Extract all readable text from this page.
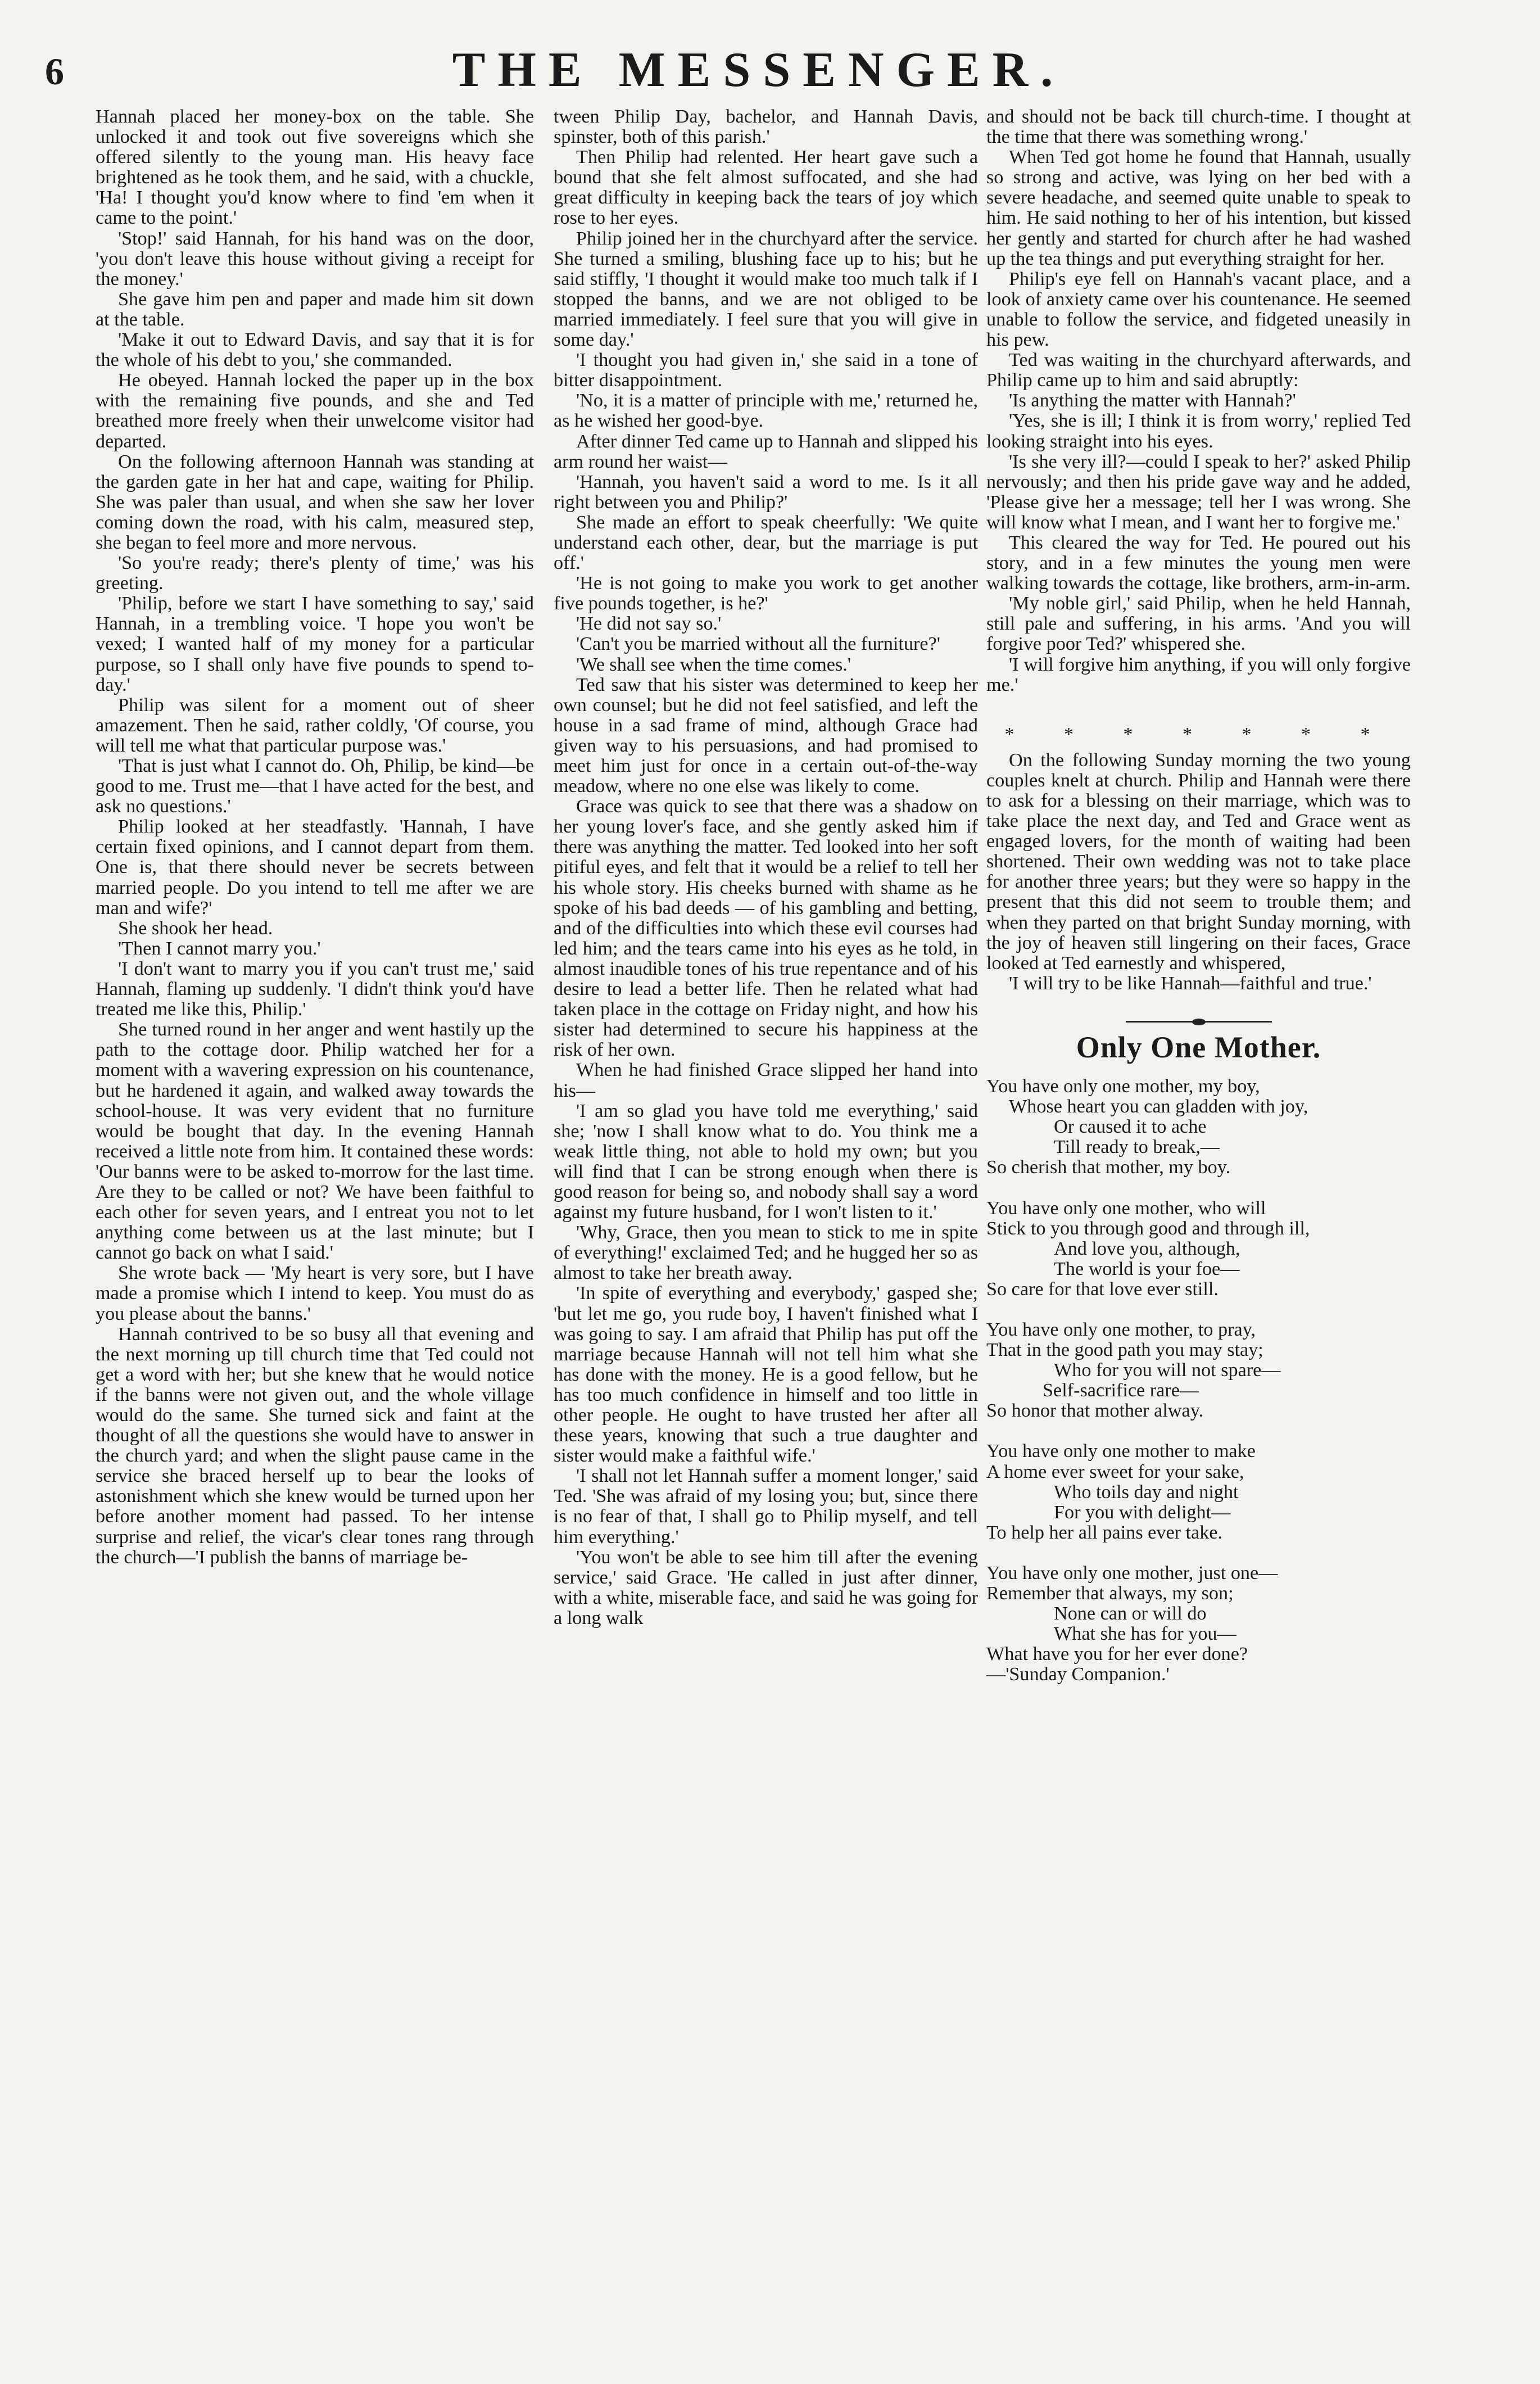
6	THE MESSENGER.

Hannah placed her money-box on the table. She unlocked it and took out five sovereigns which she offered silently to the young man. His heavy face brightened as he took them, and he said, with a chuckle, 'Ha! I thought you'd know where to find 'em when it came to the point.'

'Stop!' said Hannah, for his hand was on the door, 'you don't leave this house without giving a receipt for the money.'

She gave him pen and paper and made him sit down at the table.

'Make it out to Edward Davis, and say that it is for the whole of his debt to you,' she commanded.

He obeyed. Hannah locked the paper up in the box with the remaining five pounds, and she and Ted breathed more freely when their unwelcome visitor had departed.

On the following afternoon Hannah was standing at the garden gate in her hat and cape, waiting for Philip. She was paler than usual, and when she saw her lover coming down the road, with his calm, measured step, she began to feel more and more nervous.

'So you're ready; there's plenty of time,' was his greeting.

'Philip, before we start I have something to say,' said Hannah, in a trembling voice. 'I hope you won't be vexed; I wanted half of my money for a particular purpose, so I shall only have five pounds to spend to-day.'

Philip was silent for a moment out of sheer amazement. Then he said, rather coldly, 'Of course, you will tell me what that particular purpose was.'

'That is just what I cannot do. Oh, Philip, be kind—be good to me. Trust me—that I have acted for the best, and ask no questions.'

Philip looked at her steadfastly. 'Hannah, I have certain fixed opinions, and I cannot depart from them. One is, that there should never be secrets between married people. Do you intend to tell me after we are man and wife?'

She shook her head.

'Then I cannot marry you.'

'I don't want to marry you if you can't trust me,' said Hannah, flaming up suddenly. 'I didn't think you'd have treated me like this, Philip.'

She turned round in her anger and went hastily up the path to the cottage door. Philip watched her for a moment with a wavering expression on his countenance, but he hardened it again, and walked away towards the school-house. It was very evident that no furniture would be bought that day. In the evening Hannah received a little note from him. It contained these words: 'Our banns were to be asked to-morrow for the last time. Are they to be called or not? We have been faithful to each other for seven years, and I entreat you not to let anything come between us at the last minute; but I cannot go back on what I said.'

She wrote back — 'My heart is very sore, but I have made a promise which I intend to keep. You must do as you please about the banns.'

Hannah contrived to be so busy all that evening and the next morning up till church time that Ted could not get a word with her; but she knew that he would notice if the banns were not given out, and the whole village would do the same. She turned sick and faint at the thought of all the questions she would have to answer in the church yard; and when the slight pause came in the service she braced herself up to bear the looks of astonishment which she knew would be turned upon her before another moment had passed. To her intense surprise and relief, the vicar's clear tones rang through the church—'I publish the banns of marriage be-

tween Philip Day, bachelor, and Hannah Davis, spinster, both of this parish.'

Then Philip had relented. Her heart gave such a bound that she felt almost suffocated, and she had great difficulty in keeping back the tears of joy which rose to her eyes.

Philip joined her in the churchyard after the service. She turned a smiling, blushing face up to his; but he said stiffly, 'I thought it would make too much talk if I stopped the banns, and we are not obliged to be married immediately. I feel sure that you will give in some day.'

'I thought you had given in,' she said in a tone of bitter disappointment.

'No, it is a matter of principle with me,' returned he, as he wished her good-bye.

After dinner Ted came up to Hannah and slipped his arm round her waist—

'Hannah, you haven't said a word to me. Is it all right between you and Philip?'

She made an effort to speak cheerfully: 'We quite understand each other, dear, but the marriage is put off.'

'He is not going to make you work to get another five pounds together, is he?'

'He did not say so.'

'Can't you be married without all the furniture?'

'We shall see when the time comes.'

Ted saw that his sister was determined to keep her own counsel; but he did not feel satisfied, and left the house in a sad frame of mind, although Grace had given way to his persuasions, and had promised to meet him just for once in a certain out-of-the-way meadow, where no one else was likely to come.

Grace was quick to see that there was a shadow on her young lover's face, and she gently asked him if there was anything the matter. Ted looked into her soft pitiful eyes, and felt that it would be a relief to tell her his whole story. His cheeks burned with shame as he spoke of his bad deeds — of his gambling and betting, and of the difficulties into which these evil courses had led him; and the tears came into his eyes as he told, in almost inaudible tones of his true repentance and of his desire to lead a better life. Then he related what had taken place in the cottage on Friday night, and how his sister had determined to secure his happiness at the risk of her own.

When he had finished Grace slipped her hand into his—

'I am so glad you have told me everything,' said she; 'now I shall know what to do. You think me a weak little thing, not able to hold my own; but you will find that I can be strong enough when there is good reason for being so, and nobody shall say a word against my future husband, for I won't listen to it.'

'Why, Grace, then you mean to stick to me in spite of everything!' exclaimed Ted; and he hugged her so as almost to take her breath away.

'In spite of everything and everybody,' gasped she; 'but let me go, you rude boy, I haven't finished what I was going to say. I am afraid that Philip has put off the marriage because Hannah will not tell him what she has done with the money. He is a good fellow, but he has too much confidence in himself and too little in other people. He ought to have trusted her after all these years, knowing that such a true daughter and sister would make a faithful wife.'

'I shall not let Hannah suffer a moment longer,' said Ted. 'She was afraid of my losing you; but, since there is no fear of that, I shall go to Philip myself, and tell him everything.'

'You won't be able to see him till after the evening service,' said Grace. 'He called in just after dinner, with a white, miserable face, and said he was going for a long walk

and should not be back till church-time. I thought at the time that there was something wrong.'

When Ted got home he found that Hannah, usually so strong and active, was lying on her bed with a severe headache, and seemed quite unable to speak to him. He said nothing to her of his intention, but kissed her gently and started for church after he had washed up the tea things and put everything straight for her.

Philip's eye fell on Hannah's vacant place, and a look of anxiety came over his countenance. He seemed unable to follow the service, and fidgeted uneasily in his pew.

Ted was waiting in the churchyard afterwards, and Philip came up to him and said abruptly:

'Is anything the matter with Hannah?'

'Yes, she is ill; I think it is from worry,' replied Ted looking straight into his eyes.

'Is she very ill?—could I speak to her?' asked Philip nervously; and then his pride gave way and he added, 'Please give her a message; tell her I was wrong. She will know what I mean, and I want her to forgive me.'

This cleared the way for Ted. He poured out his story, and in a few minutes the young men were walking towards the cottage, like brothers, arm-in-arm.

'My noble girl,' said Philip, when he held Hannah, still pale and suffering, in his arms. 'And you will forgive poor Ted?' whispered she.

'I will forgive him anything, if you will only forgive me.'

* * * * * * *

On the following Sunday morning the two young couples knelt at church. Philip and Hannah were there to ask for a blessing on their marriage, which was to take place the next day, and Ted and Grace went as engaged lovers, for the month of waiting had been shortened. Their own wedding was not to take place for another three years; but they were so happy in the present that this did not seem to trouble them; and when they parted on that bright Sunday morning, with the joy of heaven still lingering on their faces, Grace looked at Ted earnestly and whispered,

'I will try to be like Hannah—faithful and true.'

Only One Mother.

You have only one mother, my boy,

Whose heart you can gladden with joy,

Or caused it to ache

Till ready to break,—

So cherish that mother, my boy.

You have only one mother, who will

Stick to you through good and through ill,

And love you, although,

The world is your foe—

So care for that love ever still.

You have only one mother, to pray,

That in the good path you may stay;

Who for you will not spare—

Self-sacrifice rare—

So honor that mother alway.

You have only one mother to make

A home ever sweet for your sake,

Who toils day and night

For you with delight—

To help her all pains ever take.

You have only one mother, just one—

Remember that always, my son;

None can or will do

What she has for you—

What have you for her ever done?

—'Sunday Companion.'
